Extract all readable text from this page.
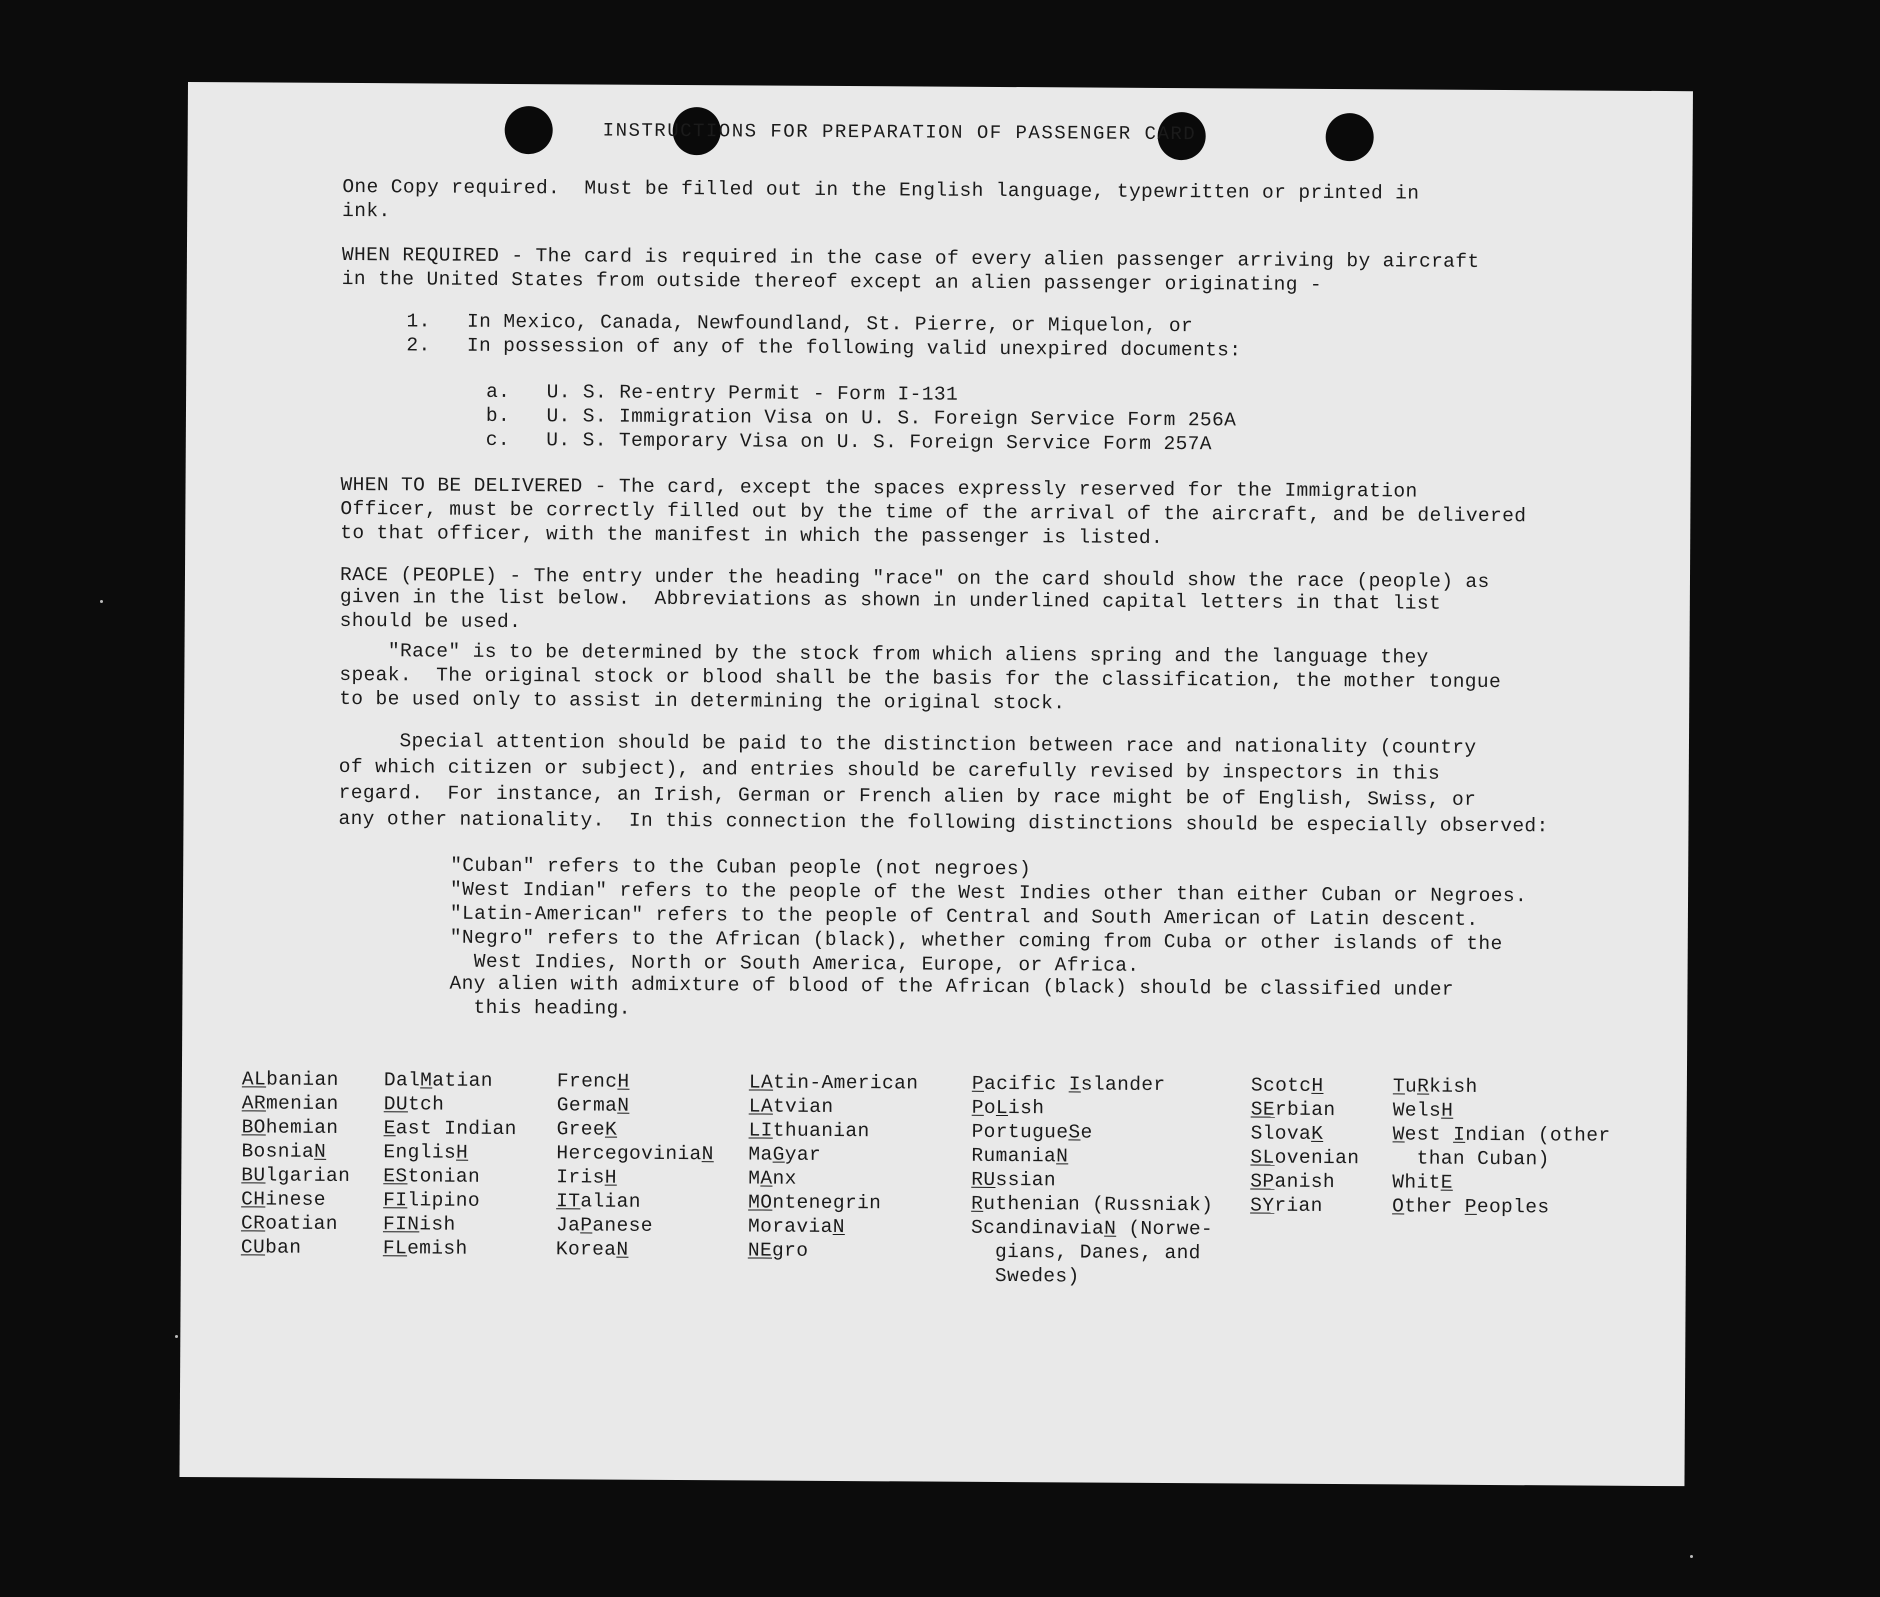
INSTRUCTIONS FOR PREPARATION OF PASSENGER CARD
One Copy required.  Must be filled out in the English language, typewritten or printed in
ink.
WHEN REQUIRED - The card is required in the case of every alien passenger arriving by aircraft
in the United States from outside thereof except an alien passenger originating -
1.   In Mexico, Canada, Newfoundland, St. Pierre, or Miquelon, or
2.   In possession of any of the following valid unexpired documents:
a.   U. S. Re-entry Permit - Form I-131
b.   U. S. Immigration Visa on U. S. Foreign Service Form 256A
c.   U. S. Temporary Visa on U. S. Foreign Service Form 257A
WHEN TO BE DELIVERED - The card, except the spaces expressly reserved for the Immigration
Officer, must be correctly filled out by the time of the arrival of the aircraft, and be delivered
to that officer, with the manifest in which the passenger is listed.
RACE (PEOPLE) - The entry under the heading "race" on the card should show the race (people) as
given in the list below.  Abbreviations as shown in underlined capital letters in that list
should be used.
"Race" is to be determined by the stock from which aliens spring and the language they
speak.  The original stock or blood shall be the basis for the classification, the mother tongue
to be used only to assist in determining the original stock.
Special attention should be paid to the distinction between race and nationality (country
of which citizen or subject), and entries should be carefully revised by inspectors in this
regard.  For instance, an Irish, German or French alien by race might be of English, Swiss, or
any other nationality.  In this connection the following distinctions should be especially observed:
"Cuban" refers to the Cuban people (not negroes)
"West Indian" refers to the people of the West Indies other than either Cuban or Negroes.
"Latin-American" refers to the people of Central and South American of Latin descent.
"Negro" refers to the African (black), whether coming from Cuba or other islands of the
West Indies, North or South America, Europe, or Africa.
Any alien with admixture of blood of the African (black) should be classified under
this heading.
ALbanian
ARmenian
BOhemian
BosniaN
BUlgarian
CHinese
CRoatian
CUban
DalMatian
DUtch
East Indian
EnglisH
EStonian
FIlipino
FINish
FLemish
FrencH
GermaN
GreeK
HercegoviniaN
IrisH
ITalian
JaPanese
KoreaN
LAtin-American
LAtvian
LIthuanian
MaGyar
MAnx
MOntenegrin
MoraviaN
NEgro
Pacific Islander
PoLish
PortugueSe
RumaniaN
RUssian
Ruthenian (Russniak)
ScandinaviaN (Norwe-
gians, Danes, and
Swedes)
ScotcH
SErbian
SlovaK
SLovenian
SPanish
SYrian
TuRkish
WelsH
West Indian (other
than Cuban)
WhitE
Other Peoples
